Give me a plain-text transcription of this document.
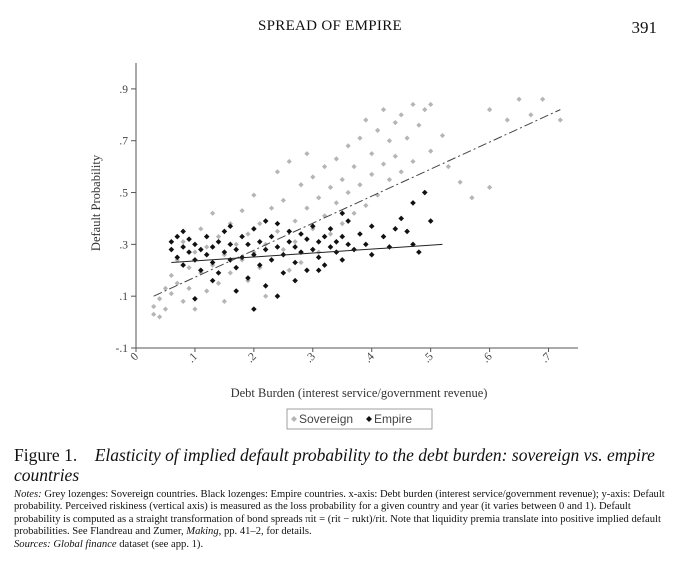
SPREAD OF EMPIRE	391
-.1
.1
.3
.5
.7
.9
0	.1	.2	.3	.4	.5	.6	.7
Default Probability
Debt Burden (interest service/government revenue)
Sovereign Empire
Figure 1. Elasticity of implied default probability to the debt burden: sovereign vs. empire countries
Notes: Grey lozenges: Sovereign countries. Black lozenges: Empire countries. x-axis: Debt burden (interest service/government revenue); y-axis: Default probability. Perceived riskiness (vertical axis) is measured as the loss probability for a given country and year (it varies between 0 and 1). Default probability is computed as a straight transformation of bond spreads πit = (rit − rukt)/rit. Note that liquidity premia translate into positive implied default probabilities. See Flandreau and Zumer, Making, pp. 41–2, for details.
Sources: Global finance dataset (see app. 1).
